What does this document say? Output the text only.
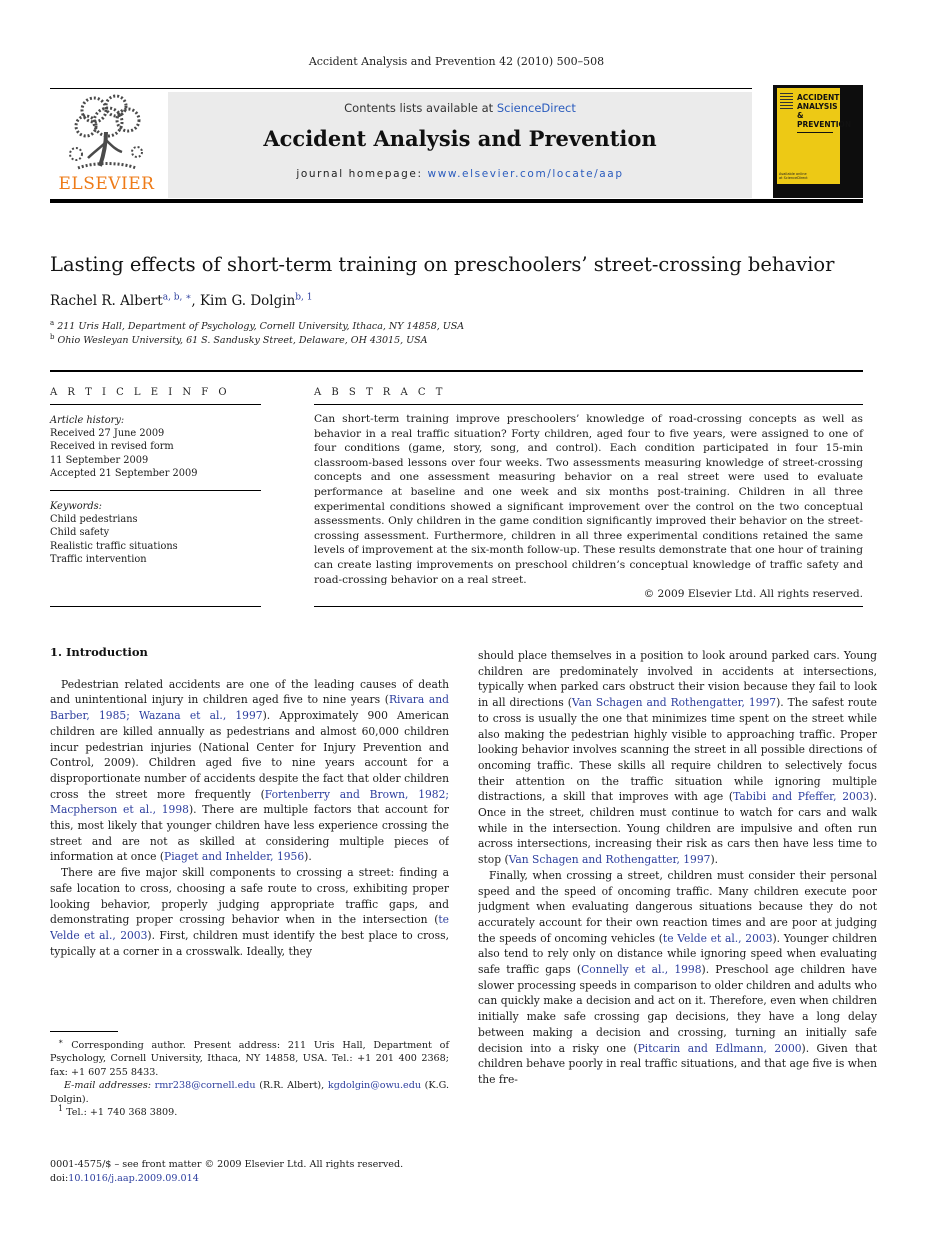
Accident Analysis and Prevention 42 (2010) 500–508
ELSEVIER
Contents lists available at ScienceDirect
Accident Analysis and Prevention
journal homepage: www.elsevier.com/locate/aap	Available online at ScienceDirect
ACCIDENT
ANALYSIS
&
PREVENTION
Lasting effects of short-term training on preschoolers’ street-crossing behavior
Rachel R. Albert$^{a, b, ∗}$, Kim G. Dolgin$^{b, 1}$
$^a$ 211 Uris Hall, Department of Psychology, Cornell University, Ithaca, NY 14858, USA
$^b$ Ohio Wesleyan University, 61 S. Sandusky Street, Delaware, OH 43015, USA
A R T I C L E I N F O
Article history:
Received 27 June 2009
Received in revised form
11 September 2009
Accepted 21 September 2009
Keywords:
Child pedestrians
Child safety
Realistic traffic situations
Traffic intervention
A B S T R A C T
Can short-term training improve preschoolers’ knowledge of road-crossing concepts as well as behavior in a real traffic situation? Forty children, aged four to five years, were assigned to one of four conditions (game, story, song, and control). Each condition participated in four 15-min classroom-based lessons over four weeks. Two assessments measuring knowledge of street-crossing concepts and one assessment measuring behavior on a real street were used to evaluate performance at baseline and one week and six months post-training. Children in all three experimental conditions showed a significant improvement over the control on the two conceptual assessments. Only children in the game condition significantly improved their behavior on the street-crossing assessment. Furthermore, children in all three experimental conditions retained the same levels of improvement at the six-month follow-up. These results demonstrate that one hour of training can create lasting improvements on preschool children’s conceptual knowledge of traffic safety and road-crossing behavior on a real street.
© 2009 Elsevier Ltd. All rights reserved.
1. Introduction

Pedestrian related accidents are one of the leading causes of death and unintentional injury in children aged five to nine years (Rivara and Barber, 1985; Wazana et al., 1997). Approximately 900 American children are killed annually as pedestrians and almost 60,000 children incur pedestrian injuries (National Center for Injury Prevention and Control, 2009). Children aged five to nine years account for a disproportionate number of accidents despite the fact that older children cross the street more frequently (Fortenberry and Brown, 1982; Macpherson et al., 1998). There are multiple factors that account for this, most likely that younger children have less experience crossing the street and are not as skilled at considering multiple pieces of information at once (Piaget and Inhelder, 1956).

There are five major skill components to crossing a street: finding a safe location to cross, choosing a safe route to cross, exhibiting proper looking behavior, properly judging appropriate traffic gaps, and demonstrating proper crossing behavior when in the intersection (te Velde et al., 2003). First, children must identify the best place to cross, typically at a corner in a crosswalk. Ideally, they

should place themselves in a position to look around parked cars. Young children are predominately involved in accidents at intersections, typically when parked cars obstruct their vision because they fail to look in all directions (Van Schagen and Rothengatter, 1997). The safest route to cross is usually the one that minimizes time spent on the street while also making the pedestrian highly visible to approaching traffic. Proper looking behavior involves scanning the street in all possible directions of oncoming traffic. These skills all require children to selectively focus their attention on the traffic situation while ignoring multiple distractions, a skill that improves with age (Tabibi and Pfeffer, 2003). Once in the street, children must continue to watch for cars and walk while in the intersection. Young children are impulsive and often run across intersections, increasing their risk as cars then have less time to stop (Van Schagen and Rothengatter, 1997).

Finally, when crossing a street, children must consider their personal speed and the speed of oncoming traffic. Many children execute poor judgment when evaluating dangerous situations because they do not accurately account for their own reaction times and are poor at judging the speeds of oncoming vehicles (te Velde et al., 2003). Younger children also tend to rely only on distance while ignoring speed when evaluating safe traffic gaps (Connelly et al., 1998). Preschool age children have slower processing speeds in comparison to older children and adults who can quickly make a decision and act on it. Therefore, even when children initially make safe crossing gap decisions, they have a long delay between making a decision and crossing, turning an initially safe decision into a risky one (Pitcarin and Edlmann, 2000). Given that children behave poorly in real traffic situations, and that age five is when the fre-

∗ Corresponding author. Present address: 211 Uris Hall, Department of Psychology, Cornell University, Ithaca, NY 14858, USA. Tel.: +1 201 400 2368; fax: +1 607 255 8433.

E-mail addresses: rmr238@cornell.edu (R.R. Albert), kgdolgin@owu.edu (K.G. Dolgin).

$^1$ Tel.: +1 740 368 3809.

0001-4575/$ – see front matter © 2009 Elsevier Ltd. All rights reserved.
doi:10.1016/j.aap.2009.09.014
